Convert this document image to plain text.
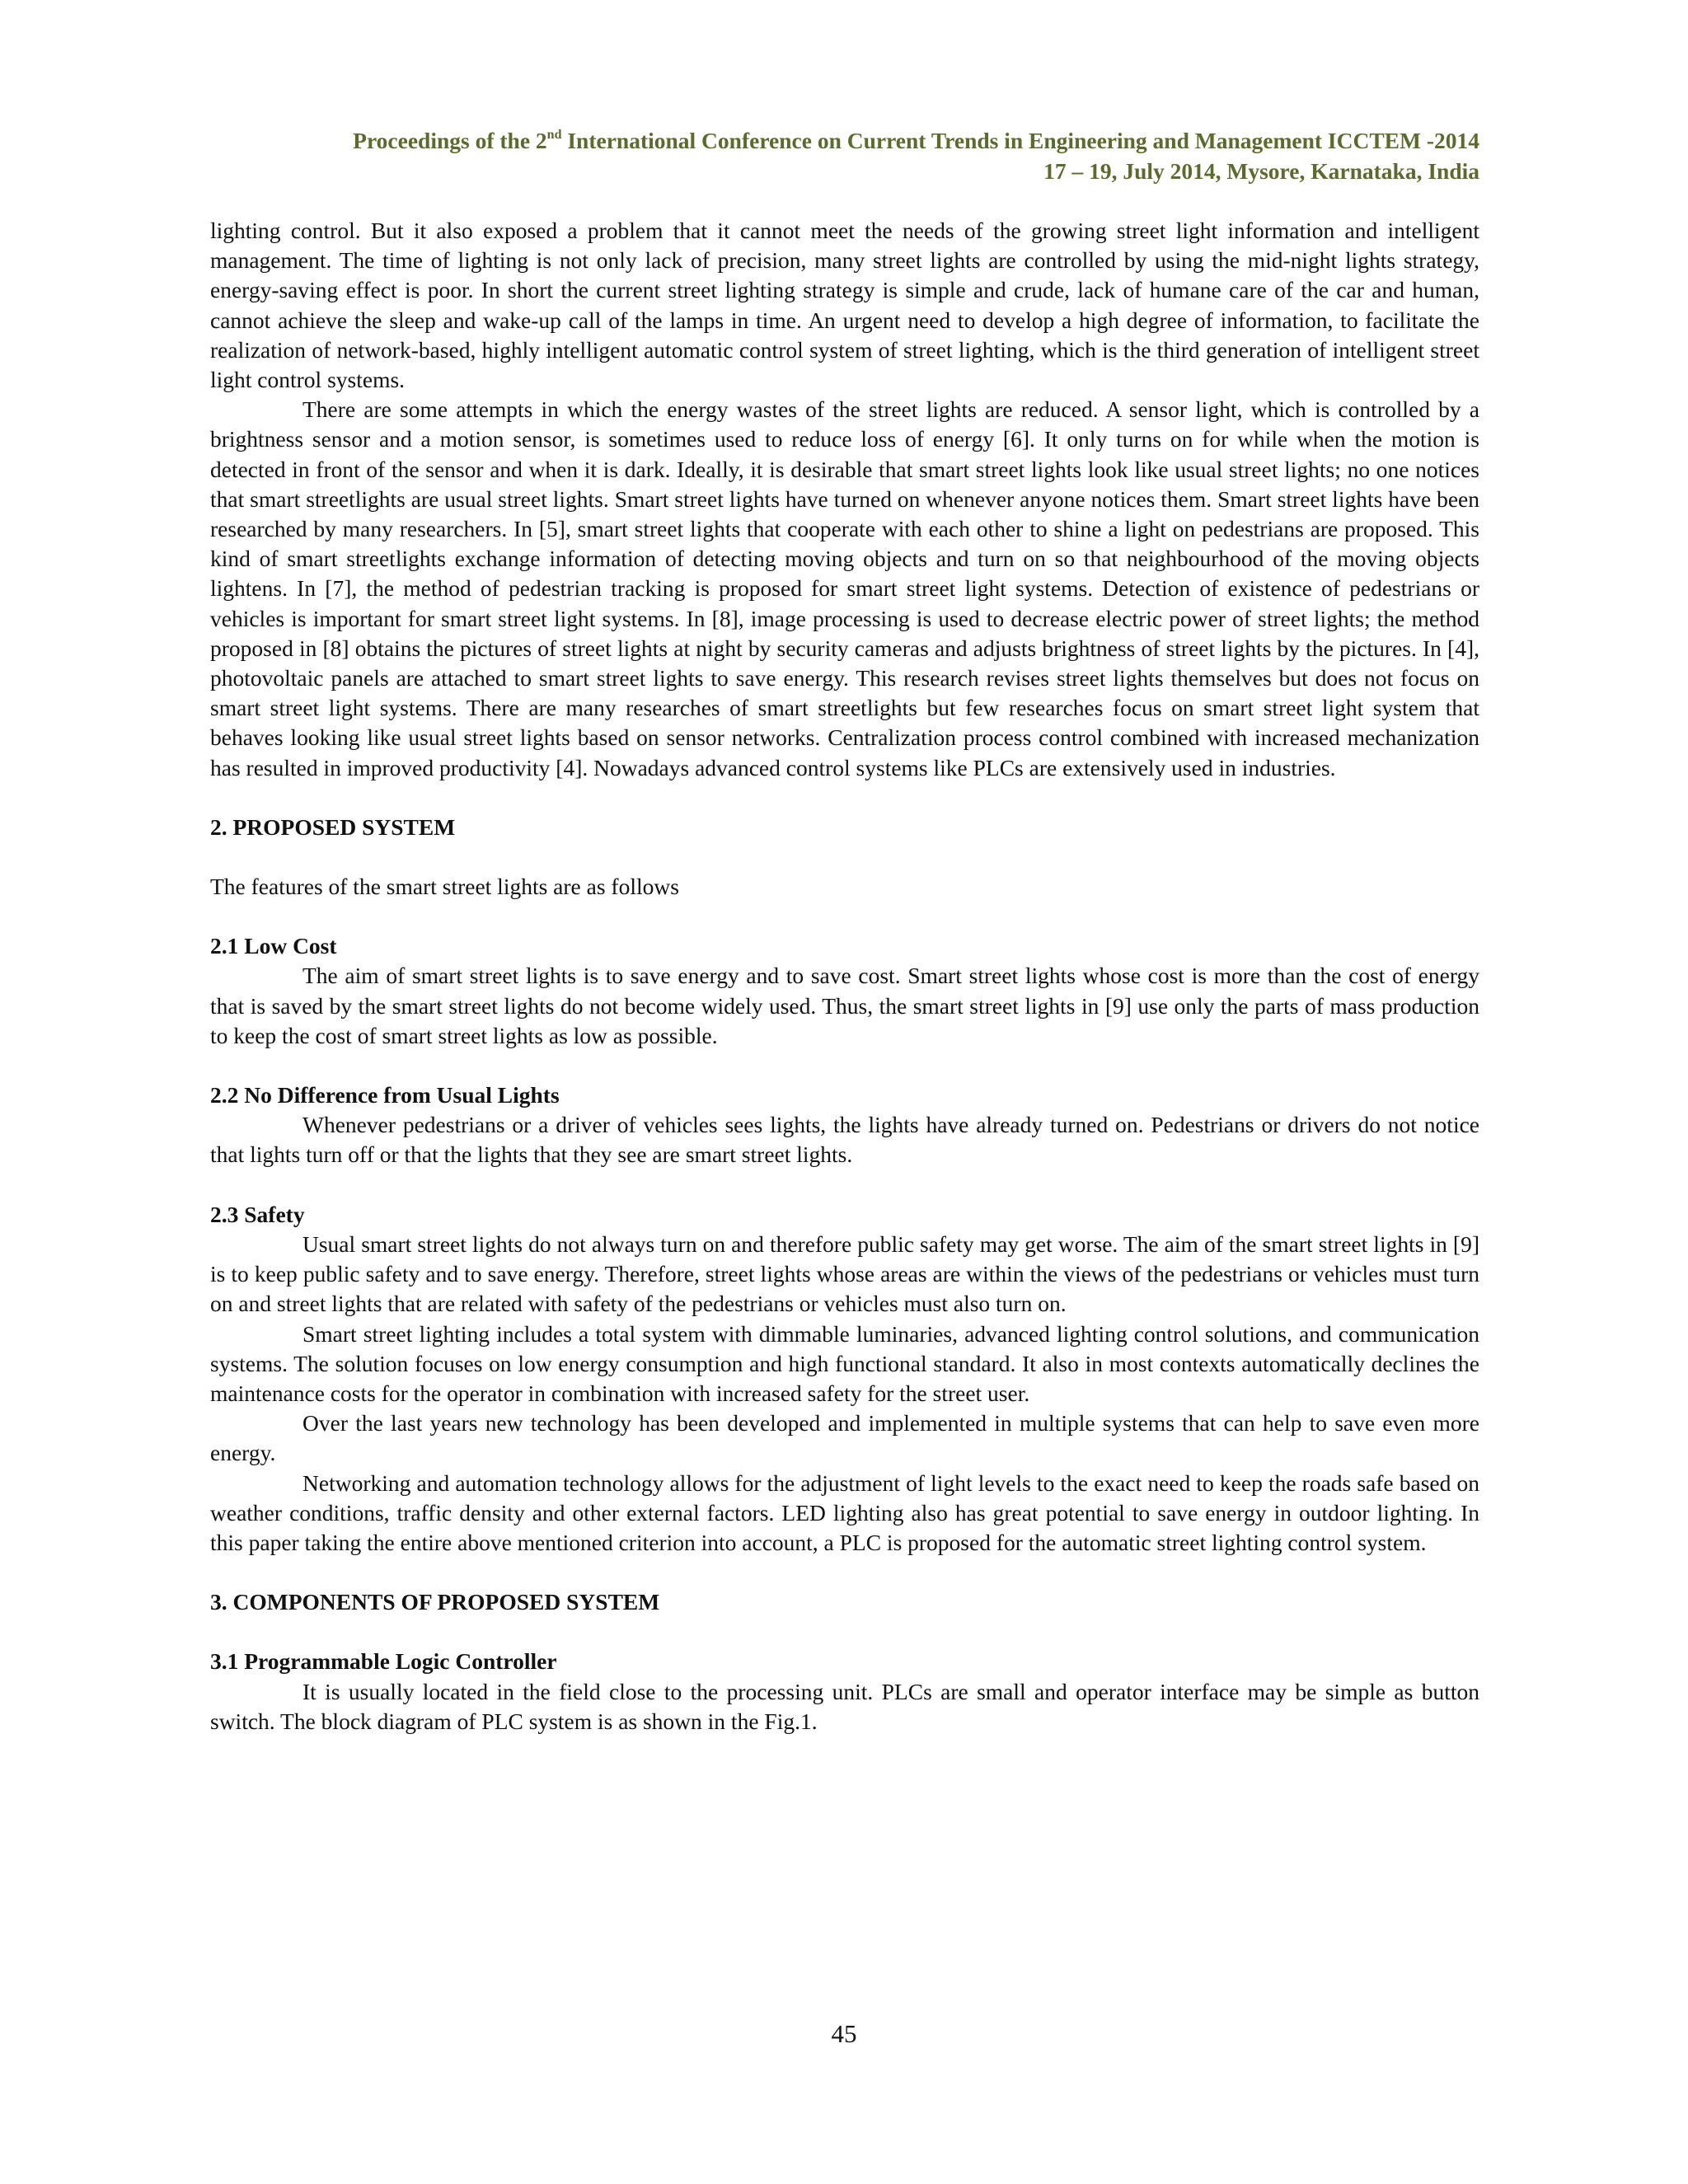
Proceedings of the 2nd International Conference on Current Trends in Engineering and Management ICCTEM -2014
17 – 19, July 2014, Mysore, Karnataka, India

lighting control. But it also exposed a problem that it cannot meet the needs of the growing street light information and intelligent management. The time of lighting is not only lack of precision, many street lights are controlled by using the mid-night lights strategy, energy-saving effect is poor. In short the current street lighting strategy is simple and crude, lack of humane care of the car and human, cannot achieve the sleep and wake-up call of the lamps in time. An urgent need to develop a high degree of information, to facilitate the realization of network-based, highly intelligent automatic control system of street lighting, which is the third generation of intelligent street light control systems.

There are some attempts in which the energy wastes of the street lights are reduced. A sensor light, which is controlled by a brightness sensor and a motion sensor, is sometimes used to reduce loss of energy [6]. It only turns on for while when the motion is detected in front of the sensor and when it is dark. Ideally, it is desirable that smart street lights look like usual street lights; no one notices that smart streetlights are usual street lights. Smart street lights have turned on whenever anyone notices them. Smart street lights have been researched by many researchers. In [5], smart street lights that cooperate with each other to shine a light on pedestrians are proposed. This kind of smart streetlights exchange information of detecting moving objects and turn on so that neighbourhood of the moving objects lightens. In [7], the method of pedestrian tracking is proposed for smart street light systems. Detection of existence of pedestrians or vehicles is important for smart street light systems. In [8], image processing is used to decrease electric power of street lights; the method proposed in [8] obtains the pictures of street lights at night by security cameras and adjusts brightness of street lights by the pictures. In [4], photovoltaic panels are attached to smart street lights to save energy. This research revises street lights themselves but does not focus on smart street light systems. There are many researches of smart streetlights but few researches focus on smart street light system that behaves looking like usual street lights based on sensor networks. Centralization process control combined with increased mechanization has resulted in improved productivity [4]. Nowadays advanced control systems like PLCs are extensively used in industries.

2. PROPOSED SYSTEM

The features of the smart street lights are as follows

2.1 Low Cost

The aim of smart street lights is to save energy and to save cost. Smart street lights whose cost is more than the cost of energy that is saved by the smart street lights do not become widely used. Thus, the smart street lights in [9] use only the parts of mass production to keep the cost of smart street lights as low as possible.

2.2 No Difference from Usual Lights

Whenever pedestrians or a driver of vehicles sees lights, the lights have already turned on. Pedestrians or drivers do not notice that lights turn off or that the lights that they see are smart street lights.

2.3 Safety

Usual smart street lights do not always turn on and therefore public safety may get worse. The aim of the smart street lights in [9] is to keep public safety and to save energy. Therefore, street lights whose areas are within the views of the pedestrians or vehicles must turn on and street lights that are related with safety of the pedestrians or vehicles must also turn on.

Smart street lighting includes a total system with dimmable luminaries, advanced lighting control solutions, and communication systems. The solution focuses on low energy consumption and high functional standard. It also in most contexts automatically declines the maintenance costs for the operator in combination with increased safety for the street user.

Over the last years new technology has been developed and implemented in multiple systems that can help to save even more energy.

Networking and automation technology allows for the adjustment of light levels to the exact need to keep the roads safe based on weather conditions, traffic density and other external factors. LED lighting also has great potential to save energy in outdoor lighting. In this paper taking the entire above mentioned criterion into account, a PLC is proposed for the automatic street lighting control system.

3. COMPONENTS OF PROPOSED SYSTEM

3.1 Programmable Logic Controller

It is usually located in the field close to the processing unit. PLCs are small and operator interface may be simple as button switch. The block diagram of PLC system is as shown in the Fig.1.

45
